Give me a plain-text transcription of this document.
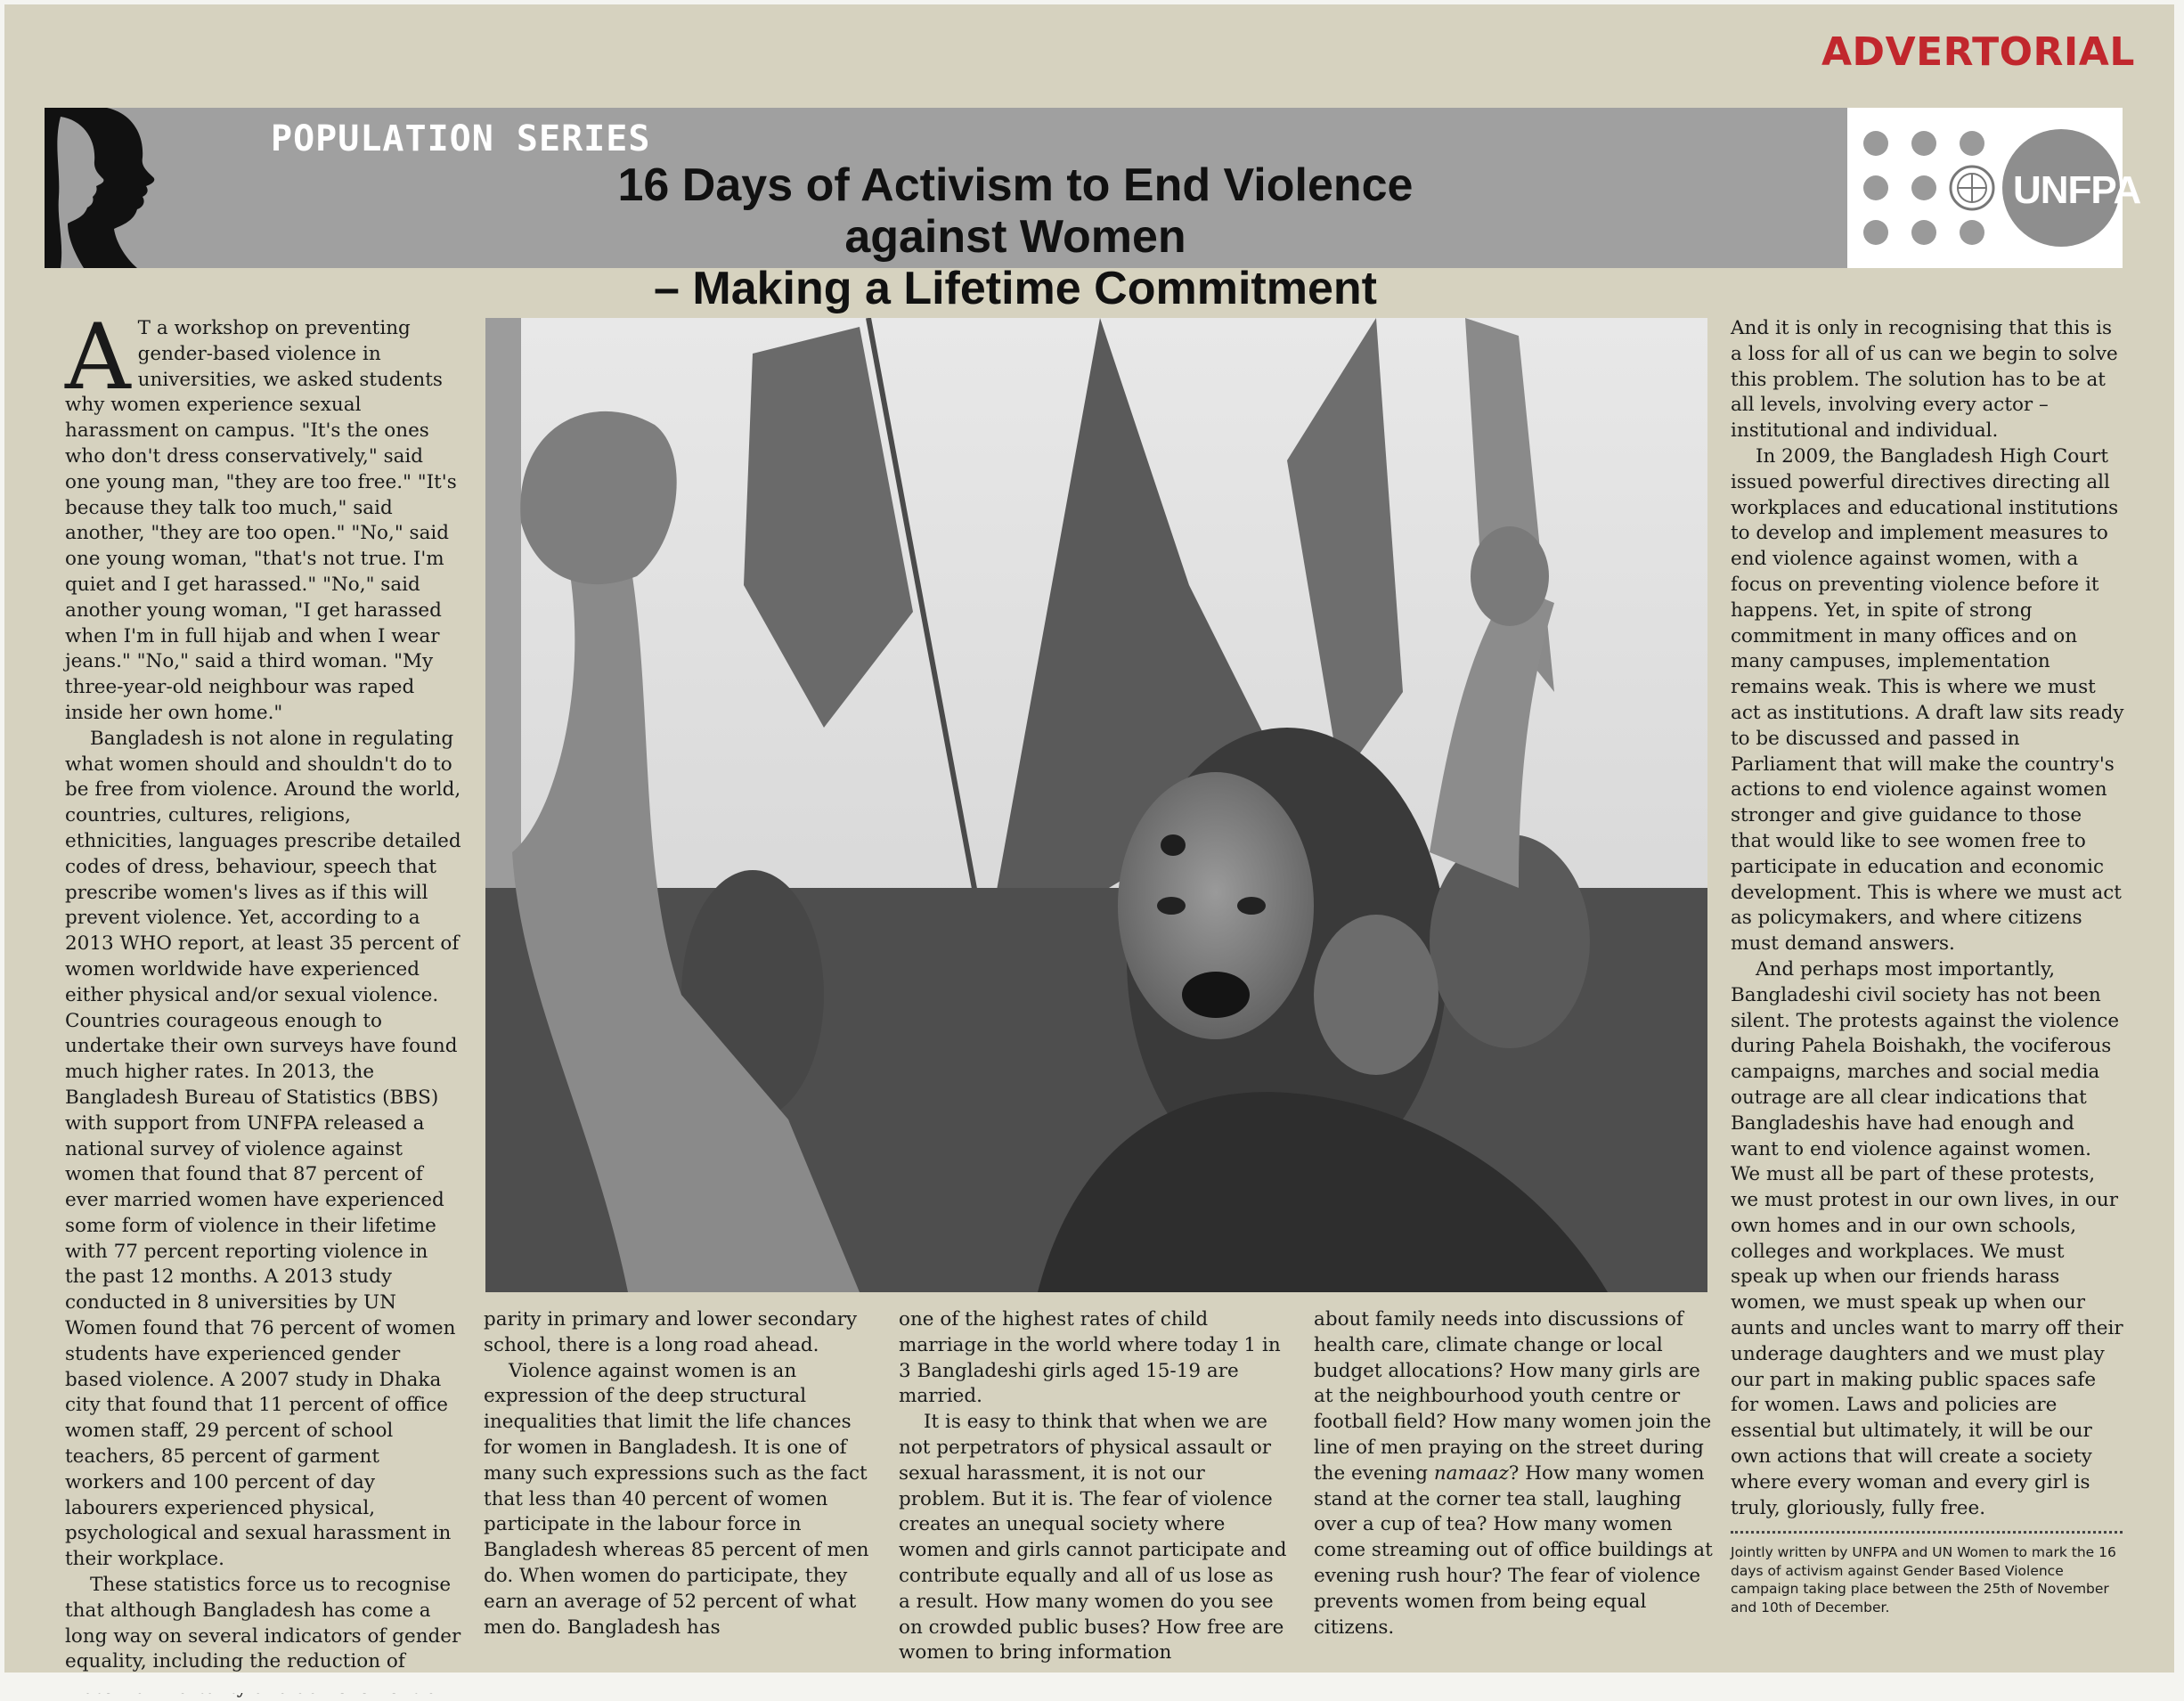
ADVERTORIAL
POPULATION SERIES
16 Days of Activism to End Violence against Women
– Making a Lifetime Commitment
UNFPA
A T a workshop on preventing gender-based violence in universities, we asked students why women experience sexual harassment on campus. "It's the ones who don't dress conservatively," said one young man, "they are too free." "It's because they talk too much," said another, "they are too open." "No," said one young woman, "that's not true. I'm quiet and I get harassed." "No," said another young woman, "I get harassed when I'm in full hijab and when I wear jeans." "No," said a third woman. "My three-year-old neighbour was raped inside her own home."

Bangladesh is not alone in regulating what women should and shouldn't do to be free from violence. Around the world, countries, cultures, religions, ethnicities, languages prescribe detailed codes of dress, behaviour, speech that prescribe women's lives as if this will prevent violence. Yet, according to a 2013 WHO report, at least 35 percent of women worldwide have experienced either physical and/or sexual violence. Countries courageous enough to undertake their own surveys have found much higher rates. In 2013, the Bangladesh Bureau of Statistics (BBS) with support from UNFPA released a national survey of violence against women that found that 87 percent of ever married women have experienced some form of violence in their lifetime with 77 percent reporting violence in the past 12 months. A 2013 study conducted in 8 universities by UN Women found that 76 percent of women students have experienced gender based violence. A 2007 study in Dhaka city that found that 11 percent of office women staff, 29 percent of school teachers, 85 percent of garment workers and 100 percent of day labourers experienced physical, psychological and sexual harassment in their workplace.

These statistics force us to recognise that although Bangladesh has come a long way on several indicators of gender equality, including the reduction of

parity in primary and lower secondary school, there is a long road ahead.

Violence against women is an expression of the deep structural inequalities that limit the life chances for women in Bangladesh. It is one of many such expressions such as the fact that less than 40 percent of women participate in the labour force in Bangladesh whereas 85 percent of men do. When women do participate, they earn an average of 52 percent of what men do. Bangladesh has

one of the highest rates of child marriage in the world where today 1 in 3 Bangladeshi girls aged 15-19 are married.

It is easy to think that when we are not perpetrators of physical assault or sexual harassment, it is not our problem. But it is. The fear of violence creates an unequal society where women and girls cannot participate and contribute equally and all of us lose as a result. How many women do you see on crowded public buses? How free are women to bring information

about family needs into discussions of health care, climate change or local budget allocations? How many girls are at the neighbourhood youth centre or football field? How many women join the line of men praying on the street during the evening namaaz? How many women stand at the corner tea stall, laughing over a cup of tea? How many women come streaming out of office buildings at evening rush hour? The fear of violence prevents women from being equal citizens.

And it is only in recognising that this is a loss for all of us can we begin to solve this problem. The solution has to be at all levels, involving every actor – institutional and individual.

In 2009, the Bangladesh High Court issued powerful directives directing all workplaces and educational institutions to develop and implement measures to end violence against women, with a focus on preventing violence before it happens. Yet, in spite of strong commitment in many offices and on many campuses, implementation remains weak. This is where we must act as institutions. A draft law sits ready to be discussed and passed in Parliament that will make the country's actions to end violence against women stronger and give guidance to those that would like to see women free to participate in education and economic development. This is where we must act as policymakers, and where citizens must demand answers.

And perhaps most importantly, Bangladeshi civil society has not been silent. The protests against the violence during Pahela Boishakh, the vociferous campaigns, marches and social media outrage are all clear indications that Bangladeshis have had enough and want to end violence against women. We must all be part of these protests, we must protest in our own lives, in our own homes and in our own schools, colleges and workplaces. We must speak up when our friends harass women, we must speak up when our aunts and uncles want to marry off their underage daughters and we must play our part in making public spaces safe for women. Laws and policies are essential but ultimately, it will be our own actions that will create a society where every woman and every girl is truly, gloriously, fully free.

Jointly written by UNFPA and UN Women to mark the 16 days of activism against Gender Based Violence campaign taking place between the 25th of November and 10th of December.
